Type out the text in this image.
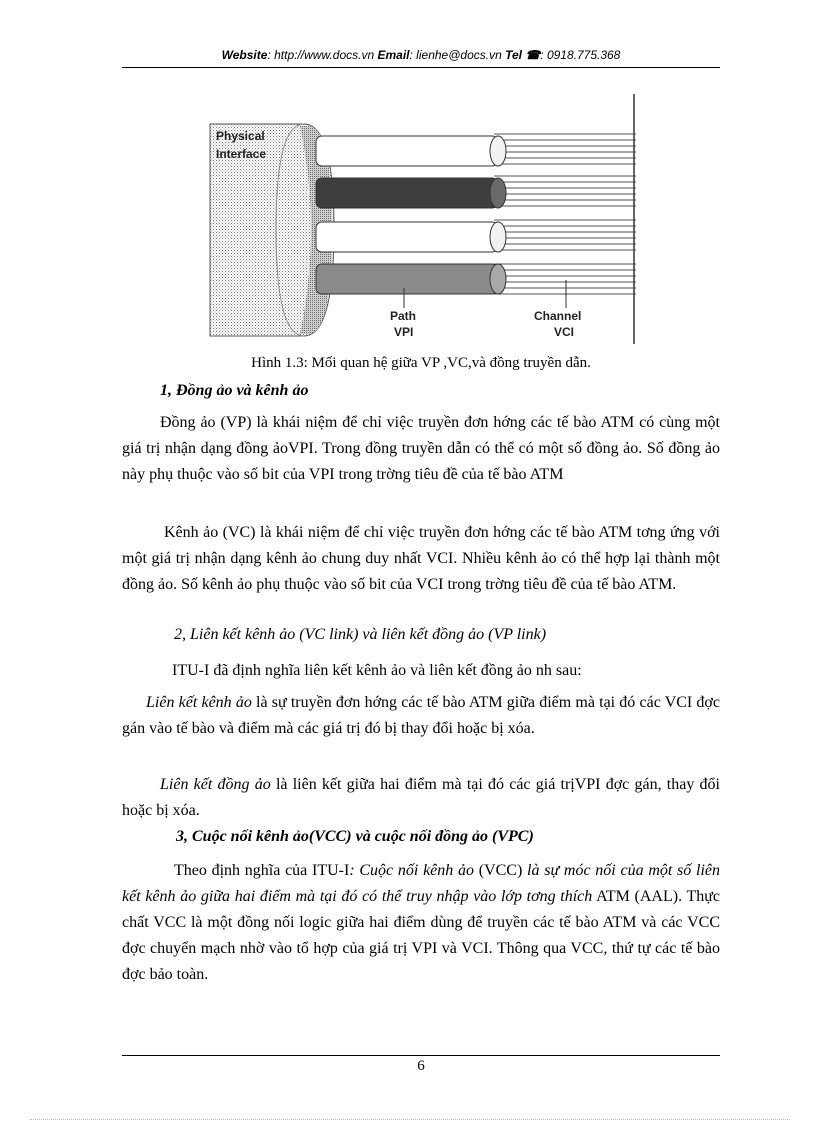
Website: http://www.docs.vn Email: lienhe@docs.vn Tel ☎: 0918.775.368
Physical
Interface
Path
VPI
Channel
VCI
Hình 1.3: Mối quan hệ giữa VP ,VC,và đồng truyền dẫn.
1, Đồng ảo và kênh ảo
Đồng ảo (VP) là khái niệm để chỉ việc truyền đơn hớng các tế bào ATM có cùng một giá trị nhận dạng đồng ảoVPI. Trong đồng truyền dẫn có thể có một số đồng ảo. Số đồng ảo này phụ thuộc vào số bit của VPI trong trờng tiêu đề của tế bào ATM
Kênh ảo (VC) là khái niệm để chỉ việc truyền đơn hớng các tế bào ATM tơng ứng với một giá trị nhận dạng kênh ảo chung duy nhất VCI. Nhiều kênh ảo có thể hợp lại thành một đồng ảo. Số kênh ảo phụ thuộc vào số bit của VCI trong trờng tiêu đề của tế bào ATM.
2, Liên kết kênh ảo (VC link) và liên kết đồng ảo (VP link)
ITU-I đã định nghĩa liên kết kênh ảo và liên kết đồng ảo nh sau:
Liên kết kênh ảo là sự truyền đơn hớng các tế bào ATM giữa điểm mà tại đó các VCI đợc gán vào tế bào và điểm mà các giá trị đó bị thay đổi hoặc bị xóa.
Liên kết đồng ảo là liên kết giữa hai điểm mà tại đó các giá trịVPI đợc gán, thay đổi hoặc bị xóa.
3, Cuộc nối kênh ảo(VCC) và cuộc nối đồng ảo (VPC)
Theo định nghĩa của ITU-I: Cuộc nối kênh ảo (VCC) là sự móc nối của một số liên kết kênh ảo giữa hai điểm mà tại đó có thể truy nhập vào lớp tơng thích ATM (AAL). Thực chất VCC là một đồng nối logic giữa hai điểm dùng để truyền các tế bào ATM và các VCC đợc chuyển mạch nhờ vào tổ hợp của giá trị VPI và VCI. Thông qua VCC, thứ tự các tế bào đợc bảo toàn.
6
